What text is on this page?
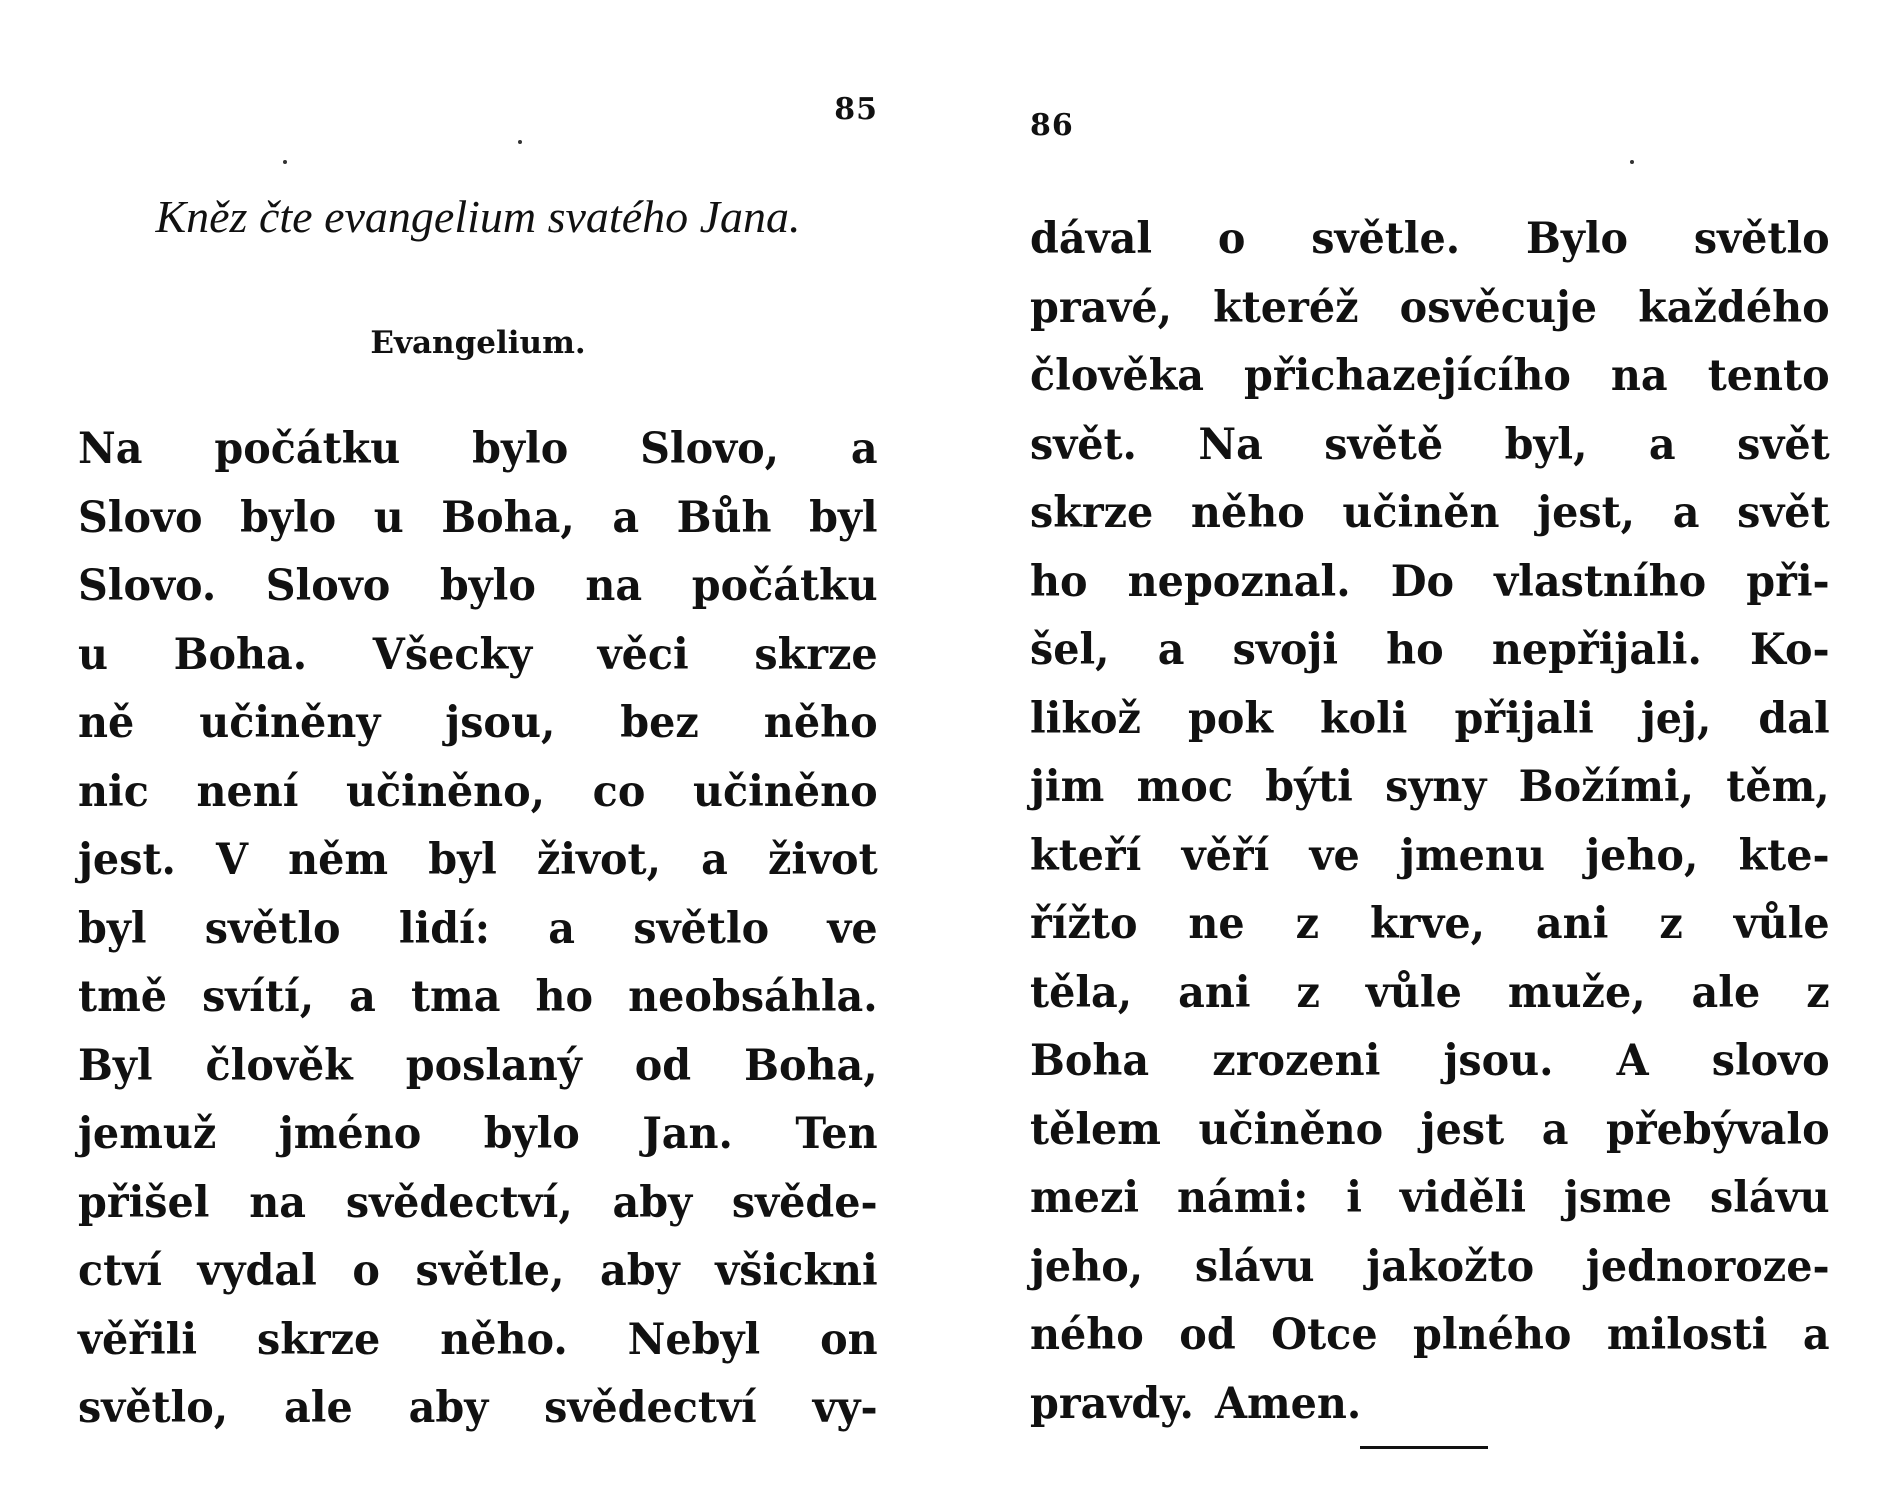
85
Kněz čte evangelium svatého Jana.
Evangelium.
Na počátku bylo Slovo, a
Slovo bylo u Boha, a Bůh byl
Slovo. Slovo bylo na počátku
u Boha. Všecky věci skrze
ně učiněny jsou, bez něho
nic není učiněno, co učiněno
jest. V něm byl život, a život
byl světlo lidí: a světlo ve
tmě svítí, a tma ho neobsáhla.
Byl člověk poslaný od Boha,
jemuž jméno bylo Jan. Ten
přišel na svědectví, aby svěde-
ctví vydal o světle, aby všickni
věřili skrze něho. Nebyl on
světlo, ale aby svědectví vy-
86
dával o světle. Bylo světlo
pravé, kteréž osvěcuje každého
člověka přichazejícího na tento
svět. Na světě byl, a svět
skrze něho učiněn jest, a svět
ho nepoznal. Do vlastního při-
šel, a svoji ho nepřijali. Ko-
likož pok koli přijali jej, dal
jim moc býti syny Božími, těm,
kteří věří ve jmenu jeho, kte-
řížto ne z krve, ani z vůle
těla, ani z vůle muže, ale z
Boha zrozeni jsou. A slovo
tělem učiněno jest a přebývalo
mezi námi: i viděli jsme slávu
jeho, slávu jakožto jednoroze-
ného od Otce plného milosti a
pravdy. Amen.
